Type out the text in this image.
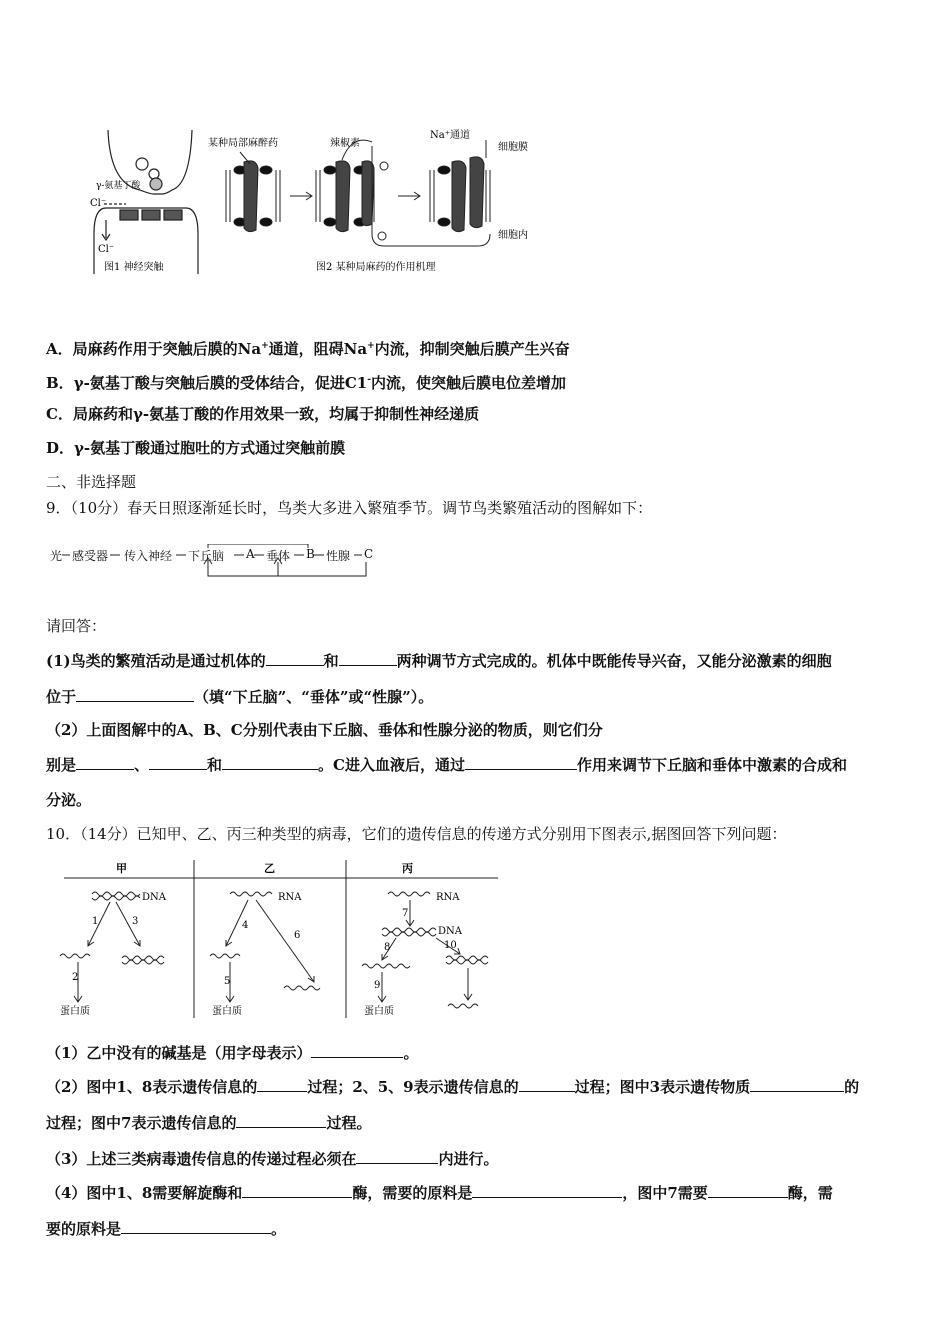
γ-氨基丁酸
Cl⁻
Cl⁻
图1 神经突触
某种局部麻醉药	辣椒素
Na⁺通道
细胞膜
细胞内
图2 某种局麻药的作用机理
A．局麻药作用于突触后膜的Na+通道，阻碍Na+内流，抑制突触后膜产生兴奋
B．γ-氨基丁酸与突触后膜的受体结合，促进C1-内流，使突触后膜电位差增加
C．局麻药和γ-氨基丁酸的作用效果一致，均属于抑制性神经递质
D．γ-氨基丁酸通过胞吐的方式通过突触前膜
二、非选择题
9．（10分）春天日照逐渐延长时，鸟类大多进入繁殖季节。调节鸟类繁殖活动的图解如下：
光 感受器 传入神经 下丘脑 A 垂体 B 性腺 C
请回答：
(1)鸟类的繁殖活动是通过机体的	和	两种调节方式完成的。机体中既能传导兴奋，又能分泌激素的细胞
位于	（填“下丘脑”、“垂体”或“性腺”）。
（2）上面图解中的A、B、C分别代表由下丘脑、垂体和性腺分泌的物质，则它们分
别是	、	和	。C进入血液后，通过	作用来调节下丘脑和垂体中激素的合成和
分泌。
10．（14分）已知甲、乙、丙三种类型的病毒，它们的遗传信息的传递方式分别用下图表示,据图回答下列问题：
甲	乙	丙
DNA	RNA	RNA
DNA
1
2
3	4
5
6
7
8
9
10
蛋白质	蛋白质	蛋白质
（1）乙中没有的碱基是（用字母表示）	。
（2）图中1、8表示遗传信息的	过程；2、5、9表示遗传信息的	过程；图中3表示遗传物质	的
过程；图中7表示遗传信息的	过程。
（3）上述三类病毒遗传信息的传递过程必须在	内进行。
（4）图中1、8需要解旋酶和	酶，需要的原料是	，图中7需要	酶，需
要的原料是	。
